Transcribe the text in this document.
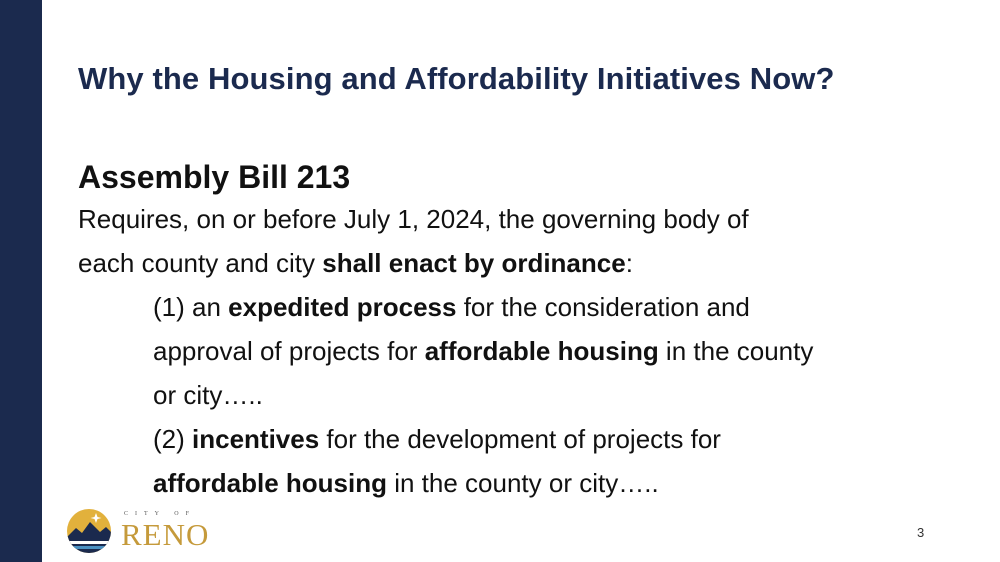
Why the Housing and Affordability Initiatives Now?

Assembly Bill 213

Requires, on or before July 1, 2024, the governing body of

each county and city shall enact by ordinance:

(1) an expedited process for the consideration and

approval of projects for affordable housing in the county

or city…..

(2) incentives for the development of projects for

affordable housing in the county or city…..

CITY OF
RENO	3
